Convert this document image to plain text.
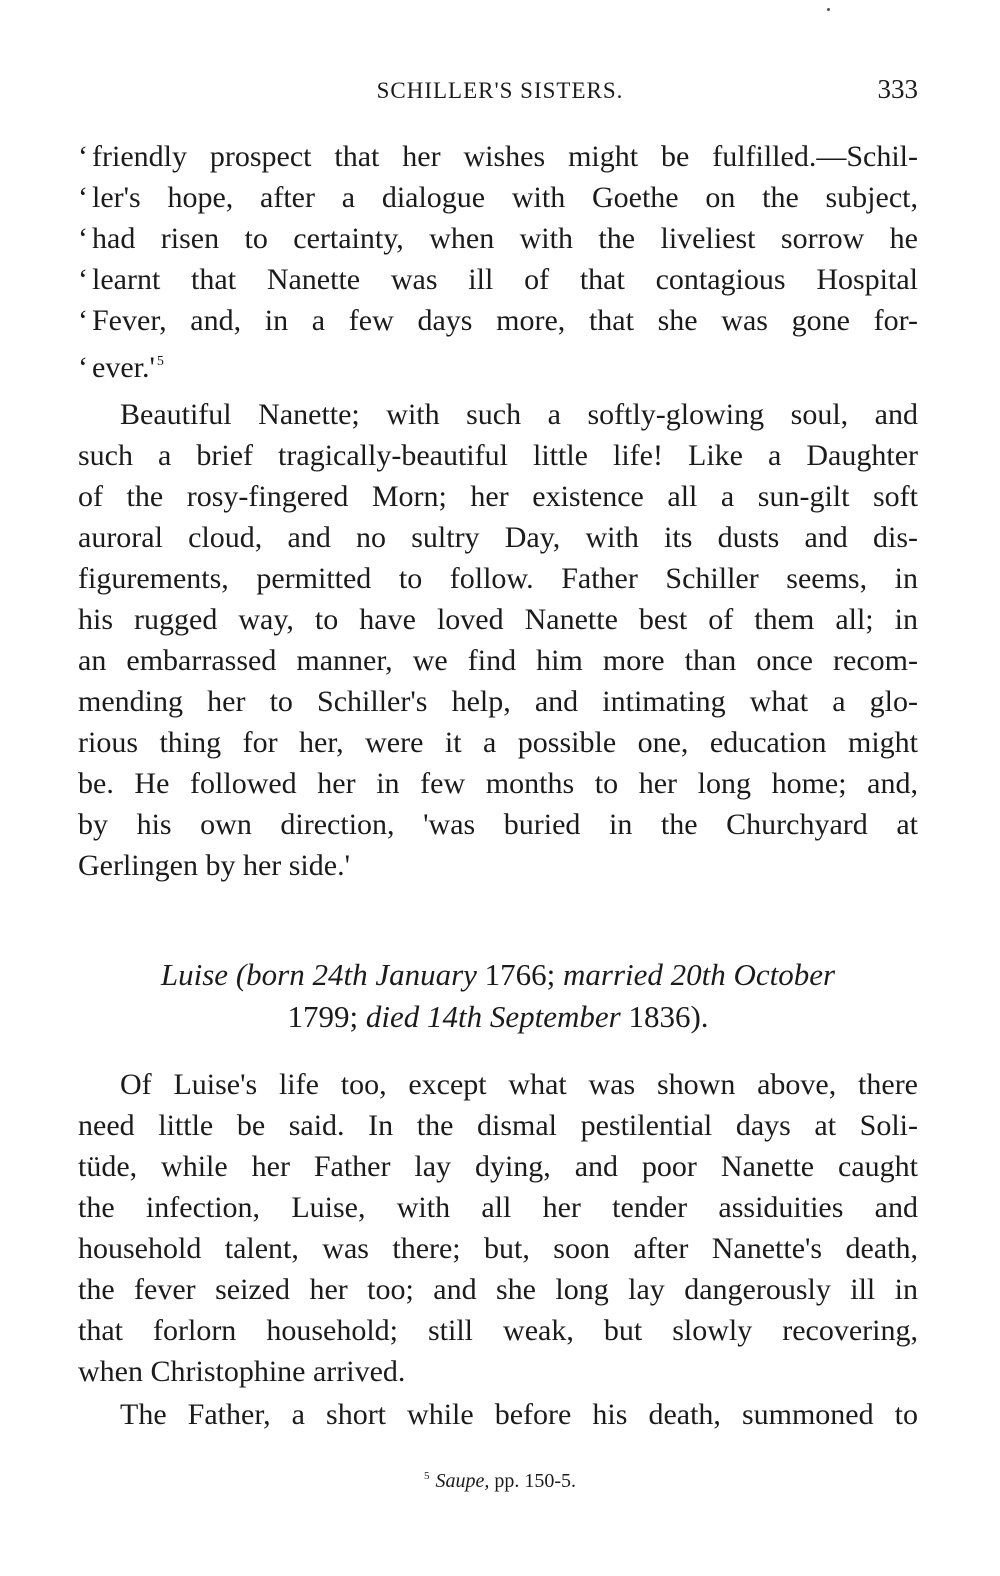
SCHILLER'S SISTERS.	333
‘ friendly prospect that her wishes might be fulfilled.—Schil-
‘ ler's hope, after a dialogue with Goethe on the subject,
‘ had risen to certainty, when with the liveliest sorrow he
‘ learnt that Nanette was ill of that contagious Hospital
‘ Fever, and, in a few days more, that she was gone for-
‘ ever.' $^5$
Beautiful Nanette; with such a softly-glowing soul, and
such a brief tragically-beautiful little life! Like a Daughter
of the rosy-fingered Morn; her existence all a sun-gilt soft
auroral cloud, and no sultry Day, with its dusts and dis-
figurements, permitted to follow. Father Schiller seems, in
his rugged way, to have loved Nanette best of them all; in
an embarrassed manner, we find him more than once recom-
mending her to Schiller's help, and intimating what a glo-
rious thing for her, were it a possible one, education might
be. He followed her in few months to her long home; and,
by his own direction, 'was buried in the Churchyard at
Gerlingen by her side.'
Luise (born 24th January 1766; married 20th October
1799; died 14th September 1836).
Of Luise's life too, except what was shown above, there
need little be said. In the dismal pestilential days at Soli-
tüde, while her Father lay dying, and poor Nanette caught
the infection, Luise, with all her tender assiduities and
household talent, was there; but, soon after Nanette's death,
the fever seized her too; and she long lay dangerously ill in
that forlorn household; still weak, but slowly recovering,
when Christophine arrived.
The Father, a short while before his death, summoned to
$^5$ Saupe, pp. 150-5.
